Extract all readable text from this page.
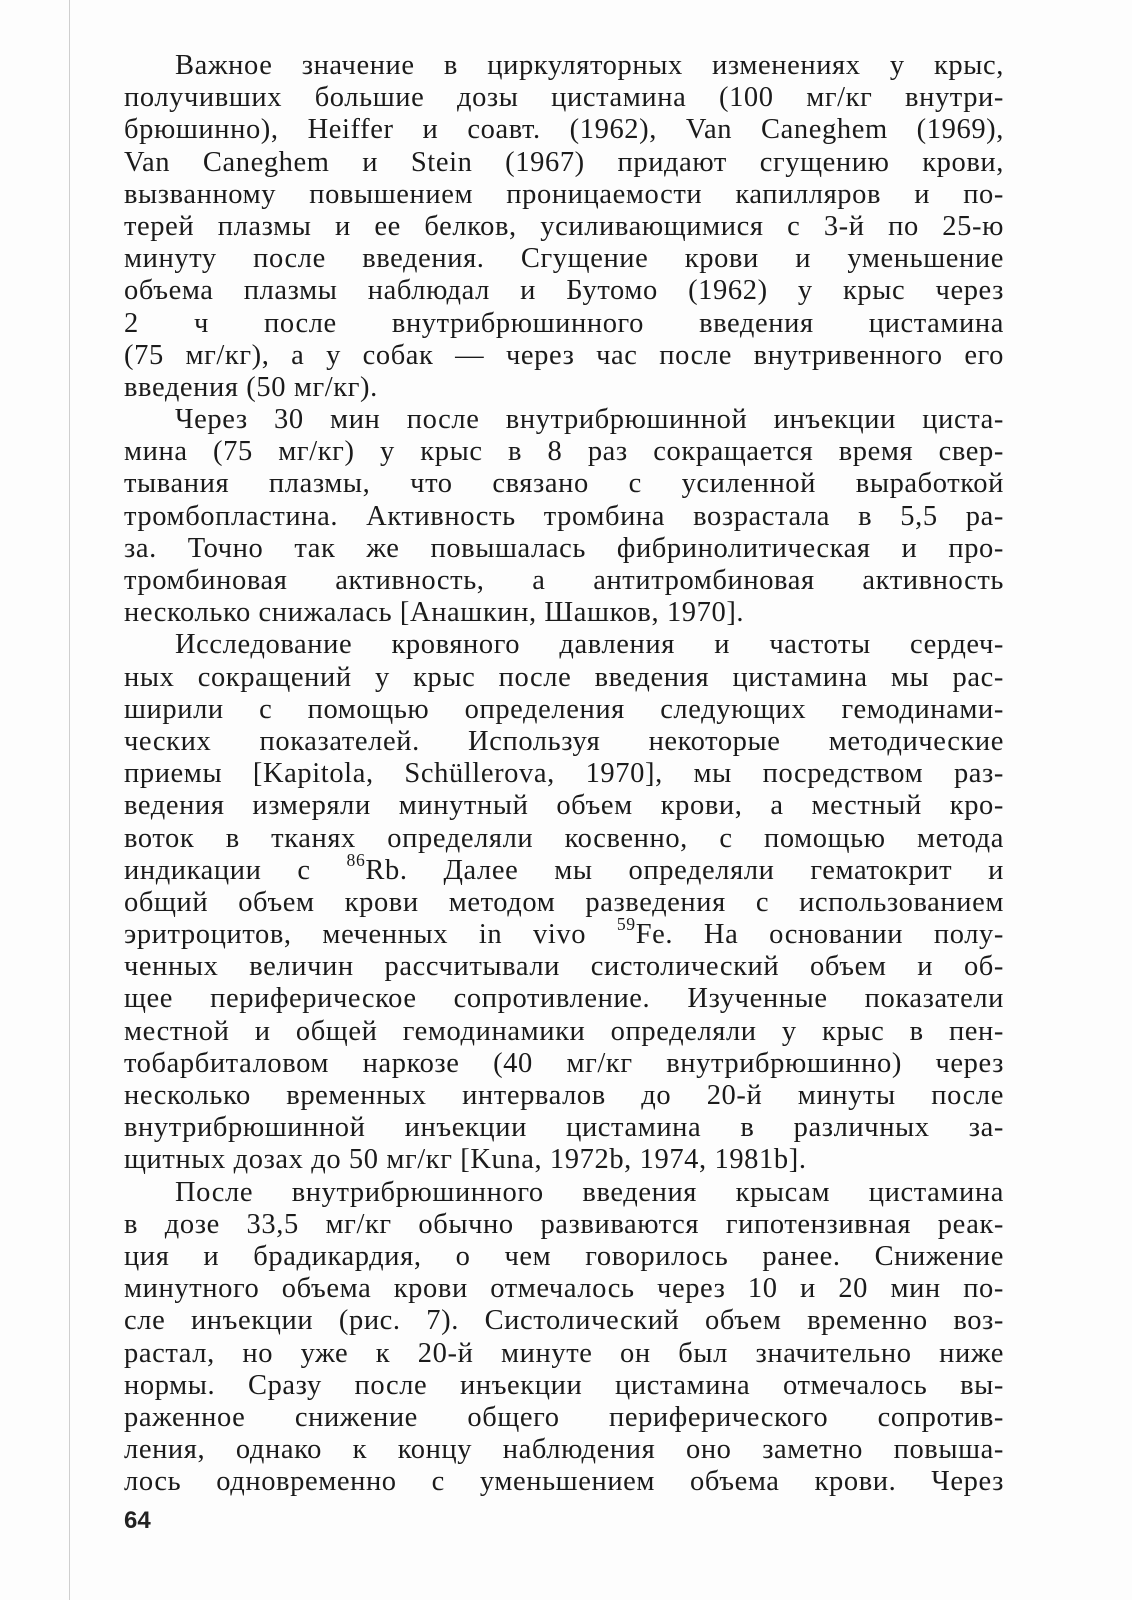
Важное значение в циркуляторных изменениях у крыс,
получивших большие дозы цистамина (100 мг/кг внутри-
брюшинно), Heiffer и соавт. (1962), Van Caneghem (1969),
Van Caneghem и Stein (1967) придают сгущению крови,
вызванному повышением проницаемости капилляров и по-
терей плазмы и ее белков, усиливающимися с 3-й по 25-ю
минуту после введения. Сгущение крови и уменьшение
объема плазмы наблюдал и Бутомо (1962) у крыс через
2 ч после внутрибрюшинного введения цистамина
(75 мг/кг), а у собак — через час после внутривенного его
введения (50 мг/кг).
Через 30 мин после внутрибрюшинной инъекции циста-
мина (75 мг/кг) у крыс в 8 раз сокращается время свер-
тывания плазмы, что связано с усиленной выработкой
тромбопластина. Активность тромбина возрастала в 5,5 ра-
за. Точно так же повышалась фибринолитическая и про-
тромбиновая активность, а антитромбиновая активность
несколько снижалась [Анашкин, Шашков, 1970].
Исследование кровяного давления и частоты сердеч-
ных сокращений у крыс после введения цистамина мы рас-
ширили с помощью определения следующих гемодинами-
ческих показателей. Используя некоторые методические
приемы [Kapitola, Schüllerova, 1970], мы посредством раз-
ведения измеряли минутный объем крови, а местный кро-
воток в тканях определяли косвенно, с помощью метода
индикации с $^{86}$Rb. Далее мы определяли гематокрит и
общий объем крови методом разведения с использованием
эритроцитов, меченных in vivo $^{59}$Fe. На основании полу-
ченных величин рассчитывали систолический объем и об-
щее периферическое сопротивление. Изученные показатели
местной и общей гемодинамики определяли у крыс в пен-
тобарбиталовом наркозе (40 мг/кг внутрибрюшинно) через
несколько временных интервалов до 20-й минуты после
внутрибрюшинной инъекции цистамина в различных за-
щитных дозах до 50 мг/кг [Kuna, 1972b, 1974, 1981b].
После внутрибрюшинного введения крысам цистамина
в дозе 33,5 мг/кг обычно развиваются гипотензивная реак-
ция и брадикардия, о чем говорилось ранее. Снижение
минутного объема крови отмечалось через 10 и 20 мин по-
сле инъекции (рис. 7). Систолический объем временно воз-
растал, но уже к 20-й минуте он был значительно ниже
нормы. Сразу после инъекции цистамина отмечалось вы-
раженное снижение общего периферического сопротив-
ления, однако к концу наблюдения оно заметно повыша-
лось одновременно с уменьшением объема крови. Через
64
